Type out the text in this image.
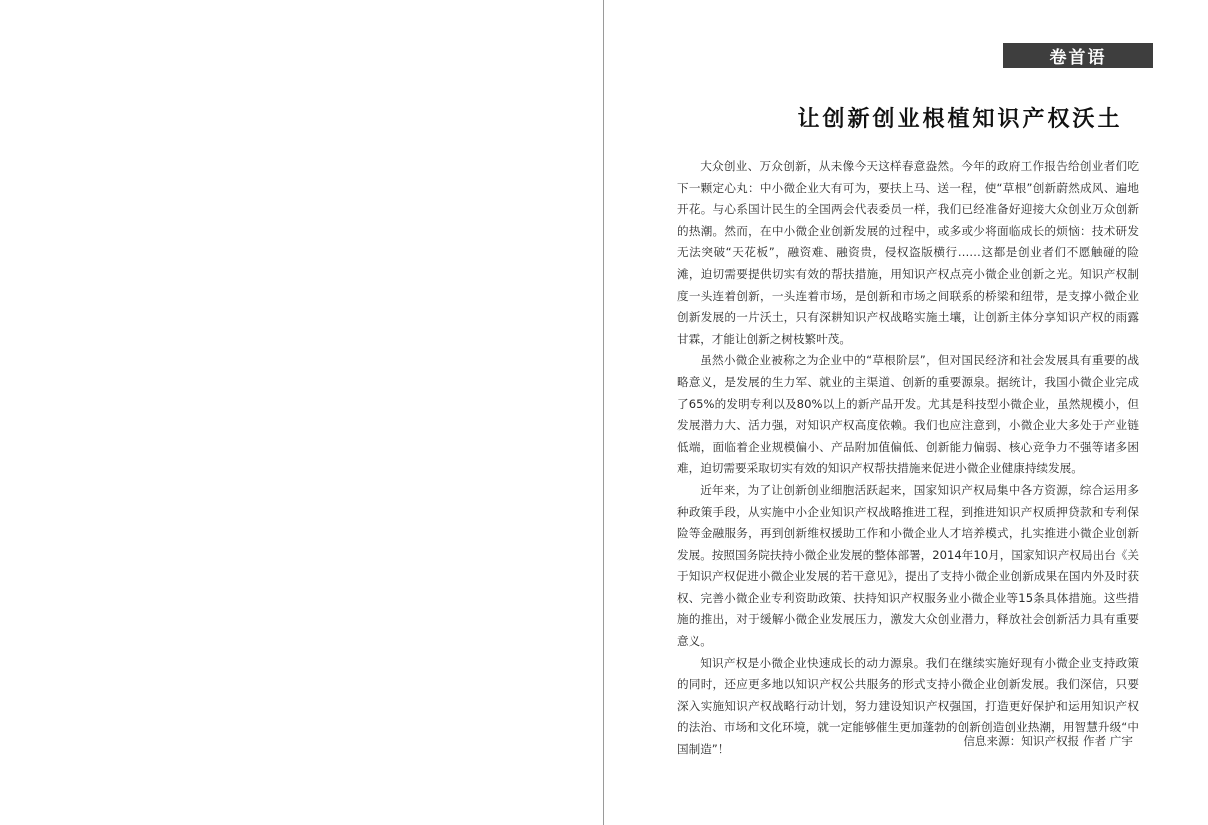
卷首语
让创新创业根植知识产权沃土

大众创业、万众创新，从未像今天这样春意盎然。今年的政府工作报告给创业者们吃下一颗定心丸：中小微企业大有可为，要扶上马、送一程，使“草根”创新蔚然成风、遍地开花。与心系国计民生的全国两会代表委员一样，我们已经准备好迎接大众创业万众创新的热潮。然而，在中小微企业创新发展的过程中，或多或少将面临成长的烦恼：技术研发无法突破“天花板”，融资难、融资贵，侵权盗版横行……这都是创业者们不愿触碰的险滩，迫切需要提供切实有效的帮扶措施，用知识产权点亮小微企业创新之光。知识产权制度一头连着创新，一头连着市场，是创新和市场之间联系的桥梁和纽带，是支撑小微企业创新发展的一片沃土，只有深耕知识产权战略实施土壤，让创新主体分享知识产权的雨露甘霖，才能让创新之树枝繁叶茂。

虽然小微企业被称之为企业中的“草根阶层”，但对国民经济和社会发展具有重要的战略意义，是发展的生力军、就业的主渠道、创新的重要源泉。据统计，我国小微企业完成了65%的发明专利以及80%以上的新产品开发。尤其是科技型小微企业，虽然规模小，但发展潜力大、活力强，对知识产权高度依赖。我们也应注意到，小微企业大多处于产业链低端，面临着企业规模偏小、产品附加值偏低、创新能力偏弱、核心竞争力不强等诸多困难，迫切需要采取切实有效的知识产权帮扶措施来促进小微企业健康持续发展。

近年来，为了让创新创业细胞活跃起来，国家知识产权局集中各方资源，综合运用多种政策手段，从实施中小企业知识产权战略推进工程，到推进知识产权质押贷款和专利保险等金融服务，再到创新维权援助工作和小微企业人才培养模式，扎实推进小微企业创新发展。按照国务院扶持小微企业发展的整体部署，2014年10月，国家知识产权局出台《关于知识产权促进小微企业发展的若干意见》，提出了支持小微企业创新成果在国内外及时获权、完善小微企业专利资助政策、扶持知识产权服务业小微企业等15条具体措施。这些措施的推出，对于缓解小微企业发展压力，激发大众创业潜力，释放社会创新活力具有重要意义。

知识产权是小微企业快速成长的动力源泉。我们在继续实施好现有小微企业支持政策的同时，还应更多地以知识产权公共服务的形式支持小微企业创新发展。我们深信，只要深入实施知识产权战略行动计划，努力建设知识产权强国，打造更好保护和运用知识产权的法治、市场和文化环境，就一定能够催生更加蓬勃的创新创造创业热潮，用智慧升级“中国制造”！

信息来源：知识产权报 作者 广宇
